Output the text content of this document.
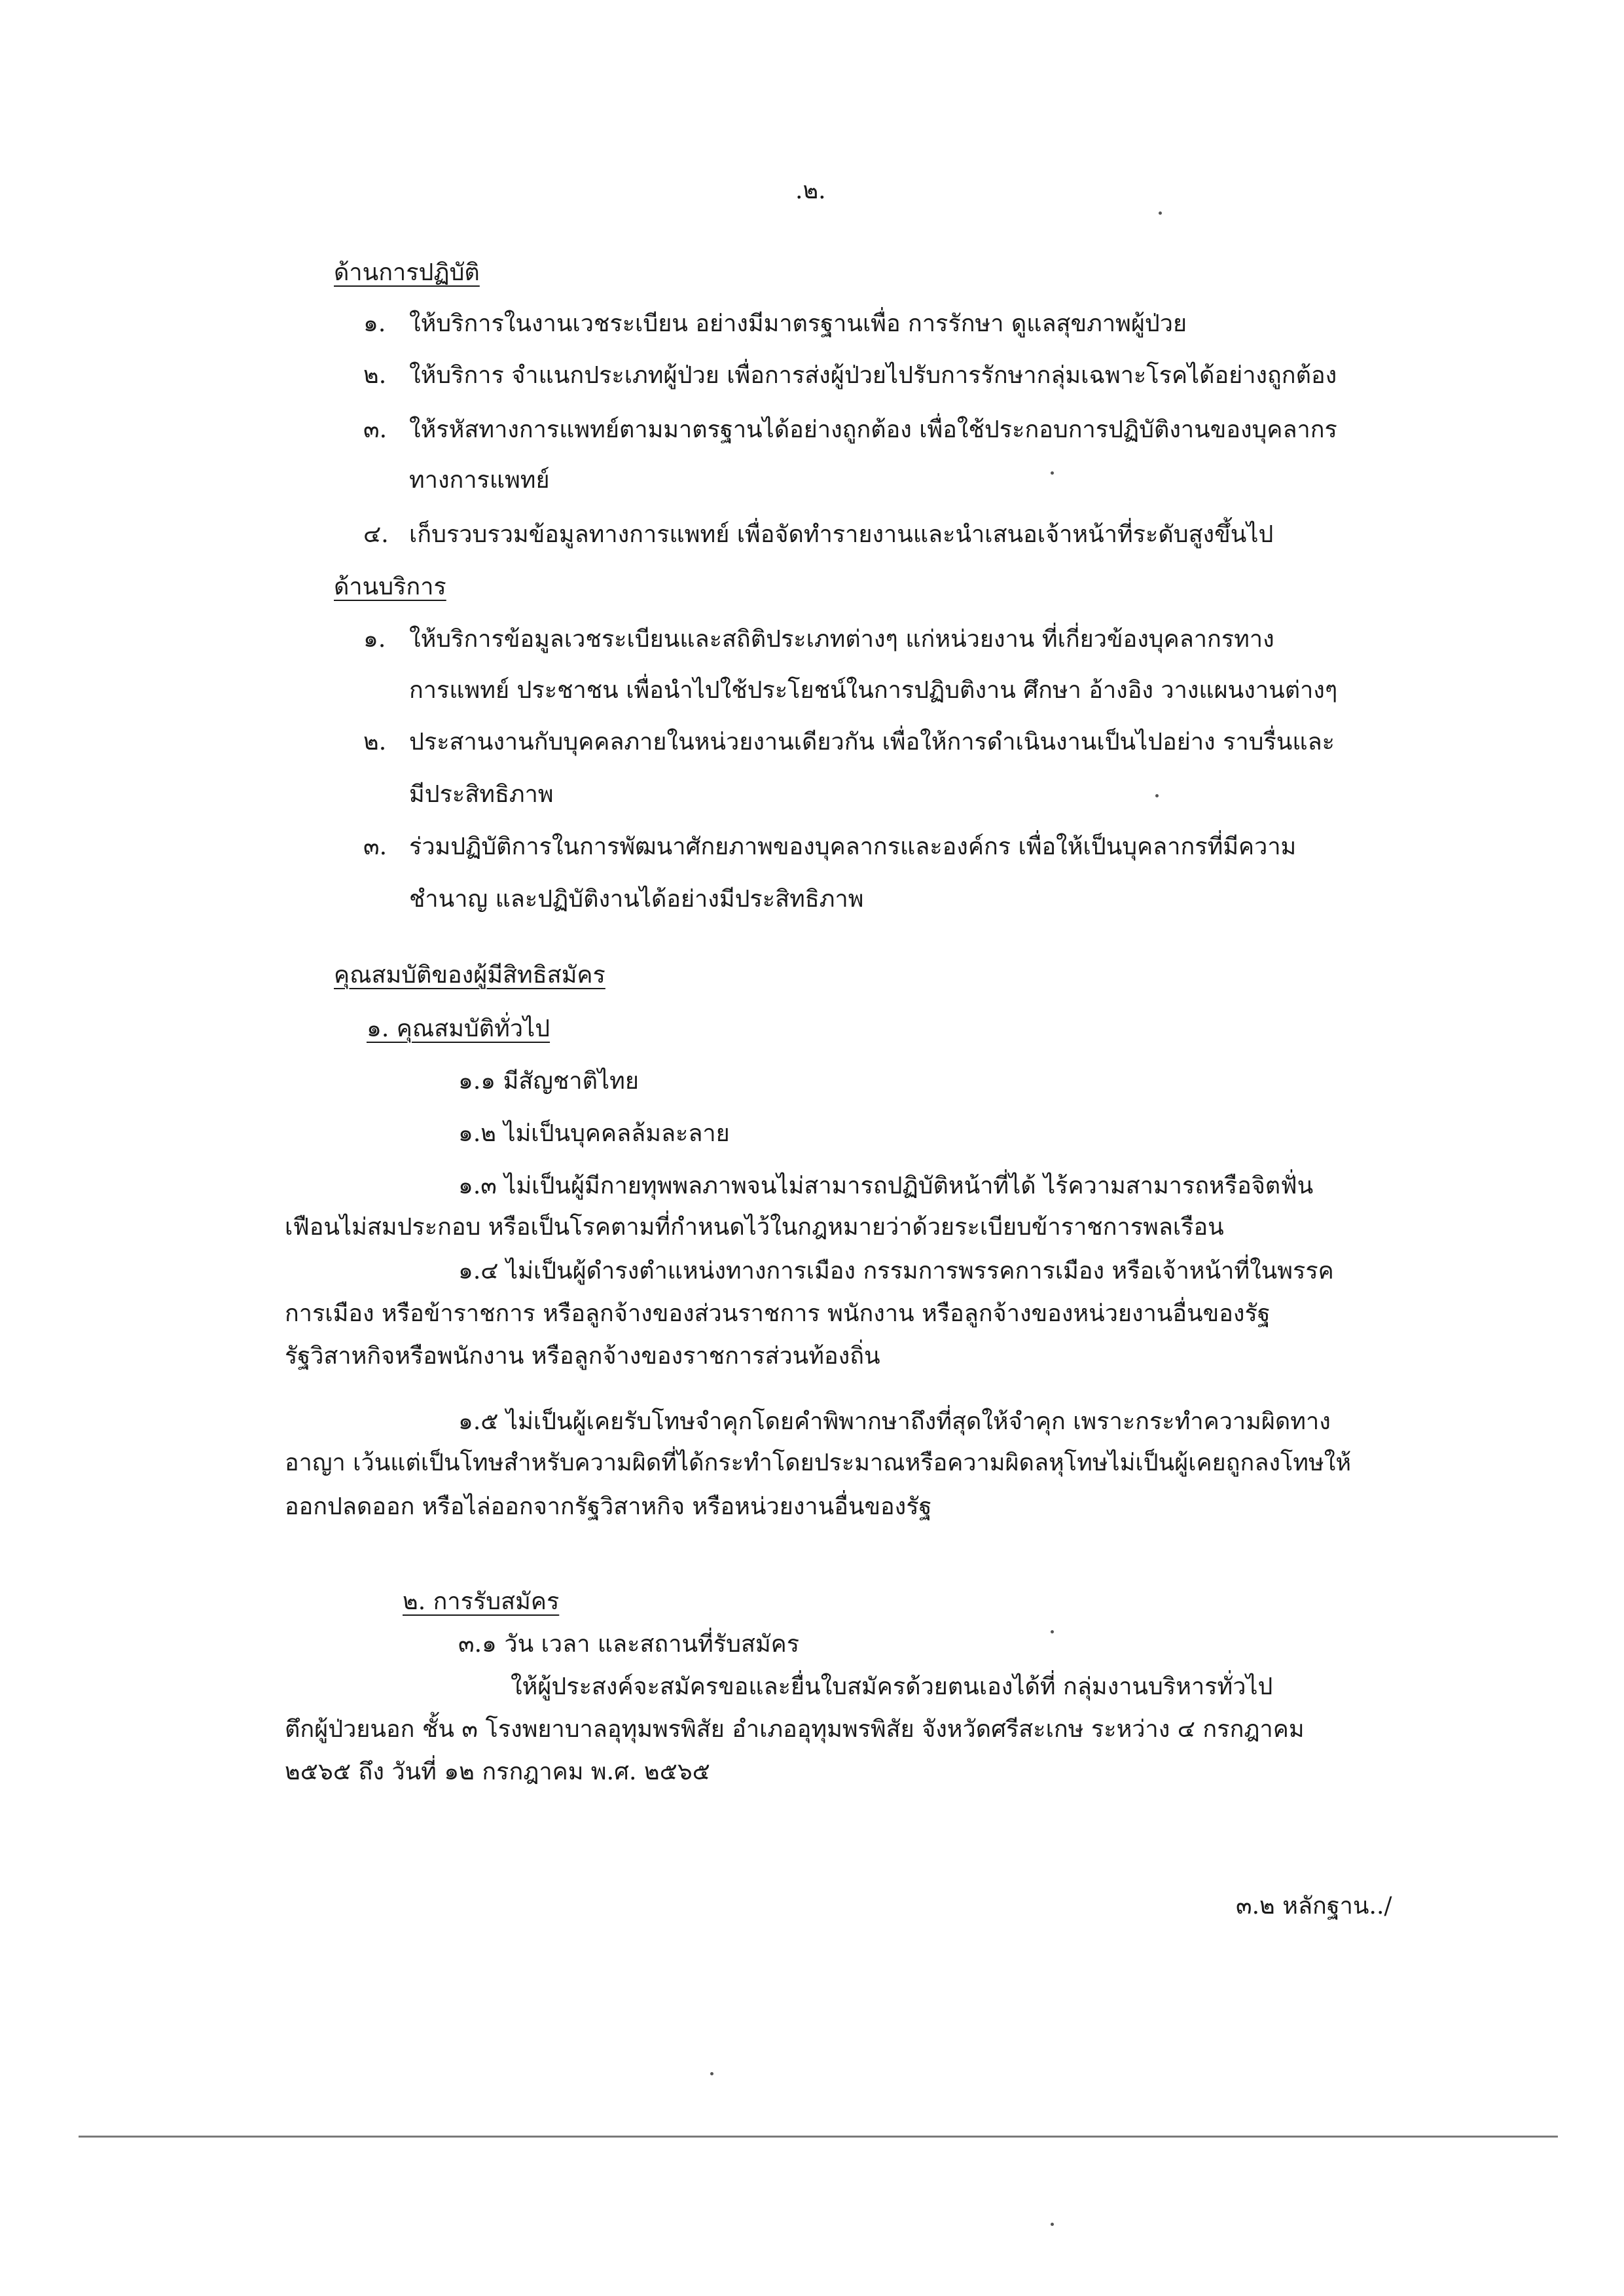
.๒.
ด้านการปฏิบัติ
๑. ให้บริการในงานเวชระเบียน อย่างมีมาตรฐานเพื่อ การรักษา ดูแลสุขภาพผู้ป่วย
๒. ให้บริการ จำแนกประเภทผู้ป่วย เพื่อการส่งผู้ป่วยไปรับการรักษากลุ่มเฉพาะโรคได้อย่างถูกต้อง
๓. ให้รหัสทางการแพทย์ตามมาตรฐานได้อย่างถูกต้อง เพื่อใช้ประกอบการปฏิบัติงานของบุคลากร
ทางการแพทย์
๔. เก็บรวบรวมข้อมูลทางการแพทย์ เพื่อจัดทำรายงานและนำเสนอเจ้าหน้าที่ระดับสูงขึ้นไป
ด้านบริการ
๑. ให้บริการข้อมูลเวชระเบียนและสถิติประเภทต่างๆ แก่หน่วยงาน ที่เกี่ยวข้องบุคลากรทาง
การแพทย์ ประชาชน เพื่อนำไปใช้ประโยชน์ในการปฏิบติงาน ศึกษา อ้างอิง วางแผนงานต่างๆ
๒. ประสานงานกับบุคคลภายในหน่วยงานเดียวกัน เพื่อให้การดำเนินงานเป็นไปอย่าง ราบรื่นและ
มีประสิทธิภาพ
๓. ร่วมปฏิบัติการในการพัฒนาศักยภาพของบุคลากรและองค์กร เพื่อให้เป็นบุคลากรที่มีความ
ชำนาญ และปฏิบัติงานได้อย่างมีประสิทธิภาพ
คุณสมบัติของผู้มีสิทธิสมัคร
๑. คุณสมบัติทั่วไป
๑.๑ มีสัญชาติไทย
๑.๒ ไม่เป็นบุคคลล้มละลาย
๑.๓ ไม่เป็นผู้มีกายทุพพลภาพจนไม่สามารถปฏิบัติหน้าที่ได้ ไร้ความสามารถหรือจิตฟั่น
เฟือนไม่สมประกอบ หรือเป็นโรคตามที่กำหนดไว้ในกฎหมายว่าด้วยระเบียบข้าราชการพลเรือน
๑.๔ ไม่เป็นผู้ดำรงตำแหน่งทางการเมือง กรรมการพรรคการเมือง หรือเจ้าหน้าที่ในพรรค
การเมือง หรือข้าราชการ หรือลูกจ้างของส่วนราชการ พนักงาน หรือลูกจ้างของหน่วยงานอื่นของรัฐ
รัฐวิสาหกิจหรือพนักงาน หรือลูกจ้างของราชการส่วนท้องถิ่น
๑.๕ ไม่เป็นผู้เคยรับโทษจำคุกโดยคำพิพากษาถึงที่สุดให้จำคุก เพราะกระทำความผิดทาง
อาญา เว้นแต่เป็นโทษสำหรับความผิดที่ได้กระทำโดยประมาณหรือความผิดลหุโทษไม่เป็นผู้เคยถูกลงโทษให้
ออกปลดออก หรือไล่ออกจากรัฐวิสาหกิจ หรือหน่วยงานอื่นของรัฐ
๒. การรับสมัคร
๓.๑ วัน เวลา และสถานที่รับสมัคร
ให้ผู้ประสงค์จะสมัครขอและยื่นใบสมัครด้วยตนเองได้ที่ กลุ่มงานบริหารทั่วไป
ตึกผู้ป่วยนอก ชั้น ๓ โรงพยาบาลอุทุมพรพิสัย อำเภออุทุมพรพิสัย จังหวัดศรีสะเกษ ระหว่าง ๔ กรกฎาคม
๒๕๖๕ ถึง วันที่ ๑๒ กรกฎาคม พ.ศ. ๒๕๖๕
๓.๒ หลักฐาน../
